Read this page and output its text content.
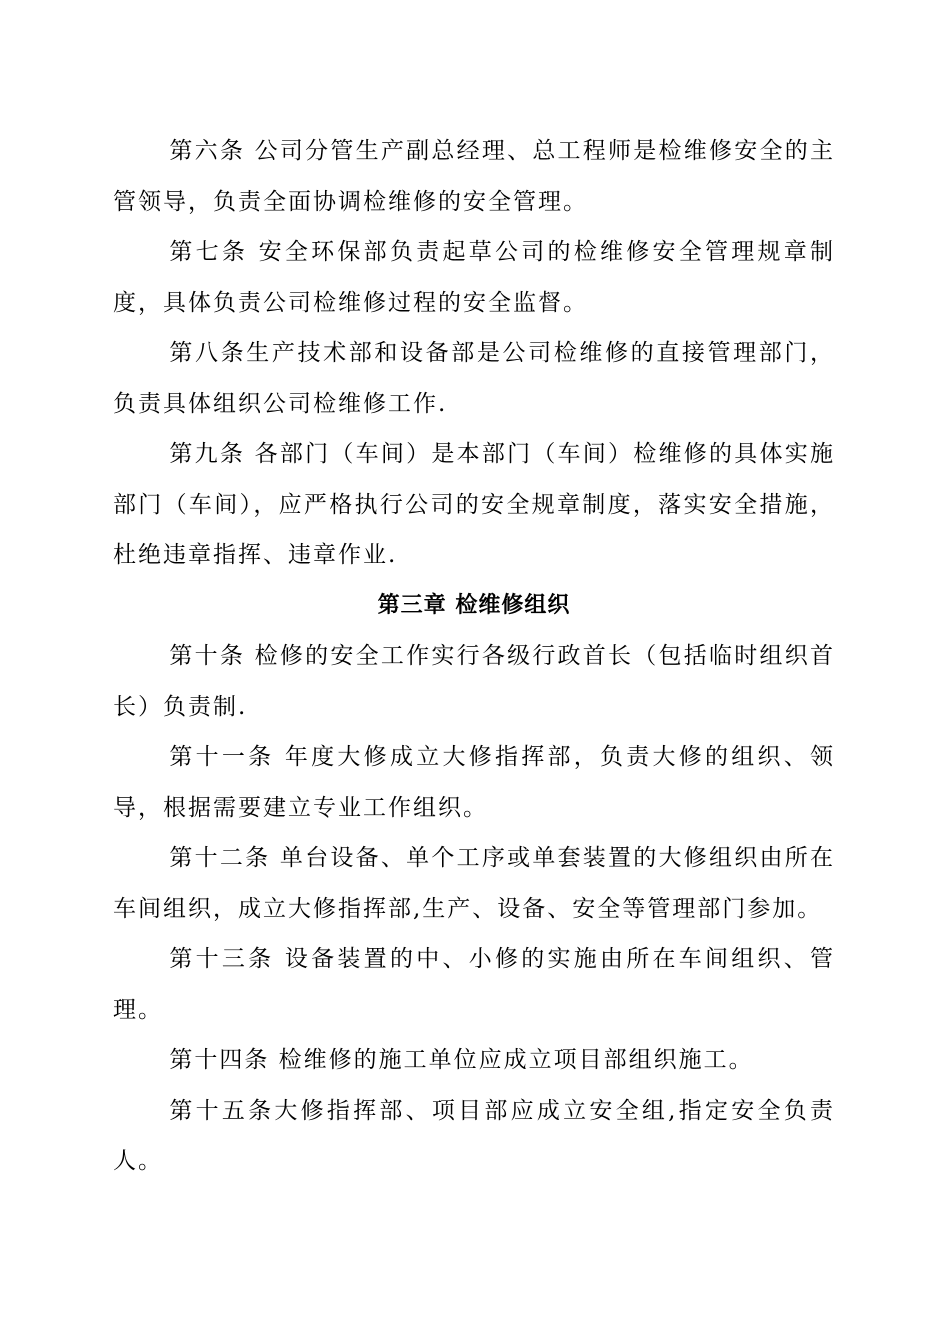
第六条 公司分管生产副总经理、总工程师是检维修安全的主管领导，负责全面协调检维修的安全管理。

第七条 安全环保部负责起草公司的检维修安全管理规章制度，具体负责公司检维修过程的安全监督。

第八条生产技术部和设备部是公司检维修的直接管理部门，负责具体组织公司检维修工作.

第九条 各部门（车间）是本部门（车间）检维修的具体实施部门（车间），应严格执行公司的安全规章制度，落实安全措施，杜绝违章指挥、违章作业.

第三章 检维修组织

第十条 检修的安全工作实行各级行政首长（包括临时组织首长）负责制.

第十一条 年度大修成立大修指挥部，负责大修的组织、领导，根据需要建立专业工作组织。

第十二条 单台设备、单个工序或单套装置的大修组织由所在车间组织，成立大修指挥部,生产、设备、安全等管理部门参加。

第十三条 设备装置的中、小修的实施由所在车间组织、管理。

第十四条 检维修的施工单位应成立项目部组织施工。

第十五条大修指挥部、项目部应成立安全组,指定安全负责人。
